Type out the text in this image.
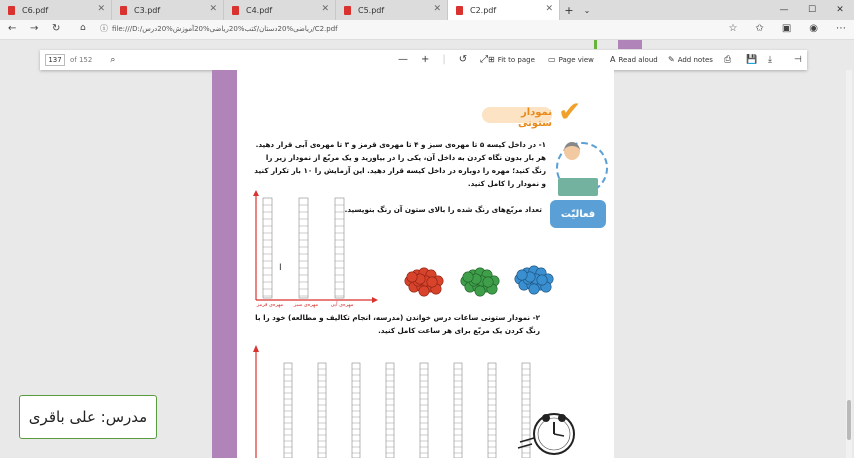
C6.pdf	✕	C3.pdf	✕	C4.pdf	✕	C5.pdf	✕	C2.pdf	✕	+	⌄	—	☐	✕
← → ↻ ⌂ ⓘ file:///D:/ریاضی%20دستان/کتب%20ریاضی%20آموزش%20درس/C2.pdf	☆ ✩ ▣ ◉ ⋯
137	of 152 ⌕	— + | ↺ ⤢ ⊞ Fit to page ▭ Page view A Read aloud ✎ Add notes ⎙ 💾 ⤓ ⊣
نمودار ستونی ✔
فعالیّت
۱- در داخل کیسه ۵ تا مهره‌ی سبز و ۴ تا مهره‌ی قرمز و ۳ تا مهره‌ی آبی قرار دهید.
هر بار بدون نگاه کردن به داخل آن، یکی را در بیاورید و یک مربّع از نمودار زیر را
رنگ کنید؛ مهره را دوباره در داخل کیسه قرار دهید. این آزمایش را ۱۰ بار تکرار کنید
و نمودار را کامل کنید.
تعداد مربّع‌های رنگ شده را بالای ستون آن رنگ بنویسید.
مهره‌ی قرمز مهره‌ی سبز مهره‌ی آبی
I
۲- نمودار ستونی ساعات درس خواندن (مدرسه، انجام تکالیف و مطالعه) خود را با
رنگ کردن یک مربّع برای هر ساعت کامل کنید.
مدرس: علی باقری
